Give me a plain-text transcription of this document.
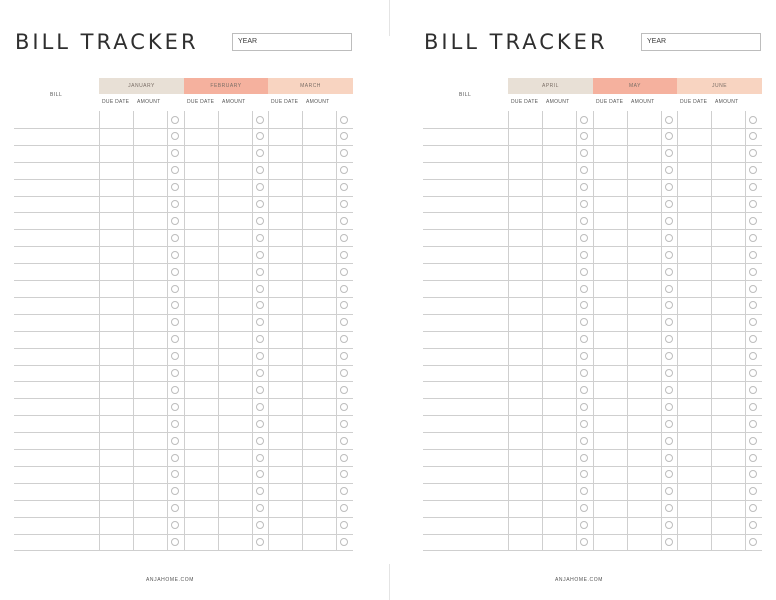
BILL TRACKER	YEAR
BILL
JANUARY
DUE DATE AMOUNT
FEBRUARY
DUE DATE AMOUNT
MARCH
DUE DATE AMOUNT
ANJAHOME.COM
BILL TRACKER	YEAR
BILL
APRIL
DUE DATE AMOUNT
MAY
DUE DATE AMOUNT
JUNE
DUE DATE AMOUNT
ANJAHOME.COM
